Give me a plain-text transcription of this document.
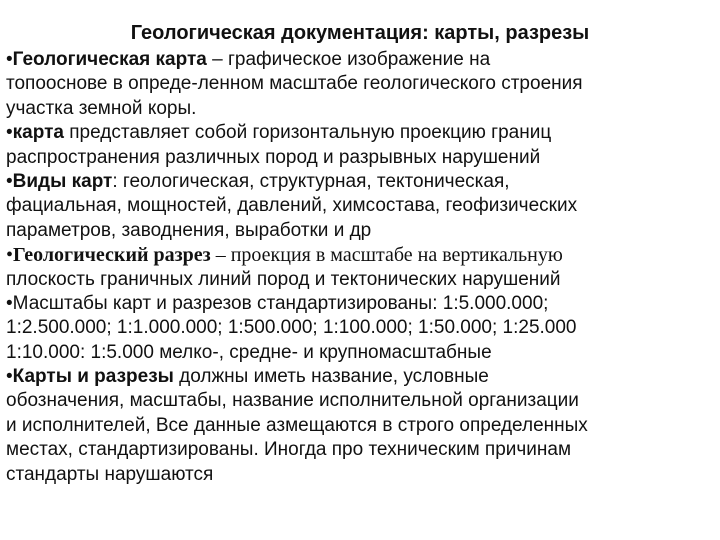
Геологическая документация: карты, разрезы
•Геологическая карта – графическое изображение на
топооснове в опреде-ленном масштабе геологического строения
участка земной коры.
•карта представляет собой горизонтальную проекцию границ
распространения различных пород и разрывных нарушений
•Виды карт: геологическая, структурная, тектоническая,
фациальная, мощностей, давлений, химсостава, геофизических
параметров, заводнения, выработки и др
•Геологический разрез – проекция в масштабе на вертикальную
плоскость граничных линий пород и тектонических нарушений
•Масштабы карт и разрезов стандартизированы: 1:5.000.000;
1:2.500.000; 1:1.000.000; 1:500.000; 1:100.000; 1:50.000; 1:25.000
1:10.000: 1:5.000 мелко-, средне- и крупномасштабные
•Карты и разрезы должны иметь название, условные
обозначения, масштабы, название исполнительной организации
и исполнителей, Все данные азмещаются в строго определенных
местах, стандартизированы. Иногда про техническим причинам
стандарты нарушаются
